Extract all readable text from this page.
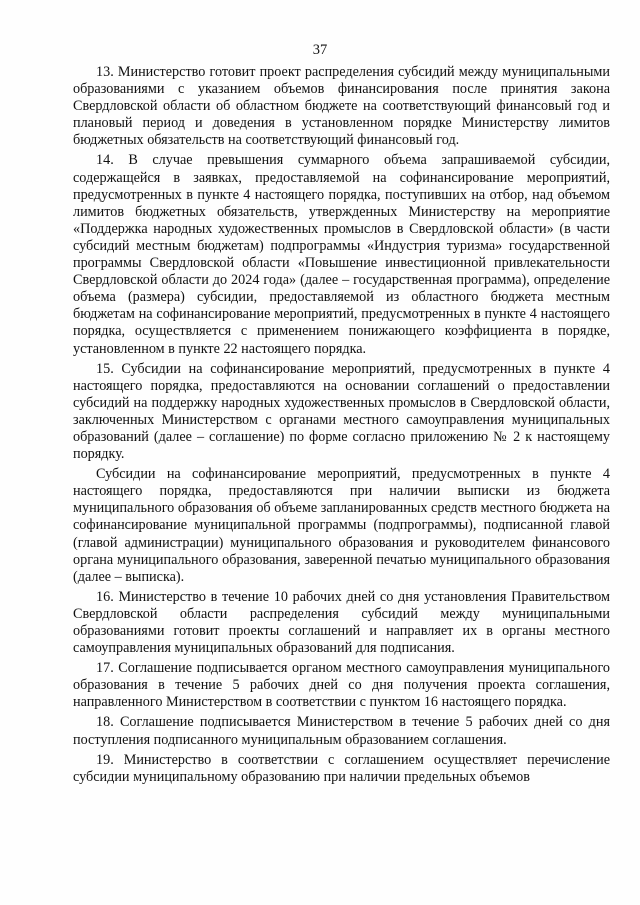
37

13. Министерство готовит проект распределения субсидий между муниципальными образованиями с указанием объемов финансирования после принятия закона Свердловской области об областном бюджете на соответствующий финансовый год и плановый период и доведения в установленном порядке Министерству лимитов бюджетных обязательств на соответствующий финансовый год.

14. В случае превышения суммарного объема запрашиваемой субсидии, содержащейся в заявках, предоставляемой на софинансирование мероприятий, предусмотренных в пункте 4 настоящего порядка, поступивших на отбор, над объемом лимитов бюджетных обязательств, утвержденных Министерству на мероприятие «Поддержка народных художественных промыслов в Свердловской области» (в части субсидий местным бюджетам) подпрограммы «Индустрия туризма» государственной программы Свердловской области «Повышение инвестиционной привлекательности Свердловской области до 2024 года» (далее – государственная программа), определение объема (размера) субсидии, предоставляемой из областного бюджета местным бюджетам на софинансирование мероприятий, предусмотренных в пункте 4 настоящего порядка, осуществляется с применением понижающего коэффициента в порядке, установленном в пункте 22 настоящего порядка.

15. Субсидии на софинансирование мероприятий, предусмотренных в пункте 4 настоящего порядка, предоставляются на основании соглашений о предоставлении субсидий на поддержку народных художественных промыслов в Свердловской области, заключенных Министерством с органами местного самоуправления муниципальных образований (далее – соглашение) по форме согласно приложению № 2 к настоящему порядку.

Субсидии на софинансирование мероприятий, предусмотренных в пункте 4 настоящего порядка, предоставляются при наличии выписки из бюджета муниципального образования об объеме запланированных средств местного бюджета на софинансирование муниципальной программы (подпрограммы), подписанной главой (главой администрации) муниципального образования и руководителем финансового органа муниципального образования, заверенной печатью муниципального образования (далее – выписка).

16. Министерство в течение 10 рабочих дней со дня установления Правительством Свердловской области распределения субсидий между муниципальными образованиями готовит проекты соглашений и направляет их в органы местного самоуправления муниципальных образований для подписания.

17. Соглашение подписывается органом местного самоуправления муниципального образования в течение 5 рабочих дней со дня получения проекта соглашения, направленного Министерством в соответствии с пунктом 16 настоящего порядка.

18. Соглашение подписывается Министерством в течение 5 рабочих дней со дня поступления подписанного муниципальным образованием соглашения.

19. Министерство в соответствии с соглашением осуществляет перечисление субсидии муниципальному образованию при наличии предельных объемов
